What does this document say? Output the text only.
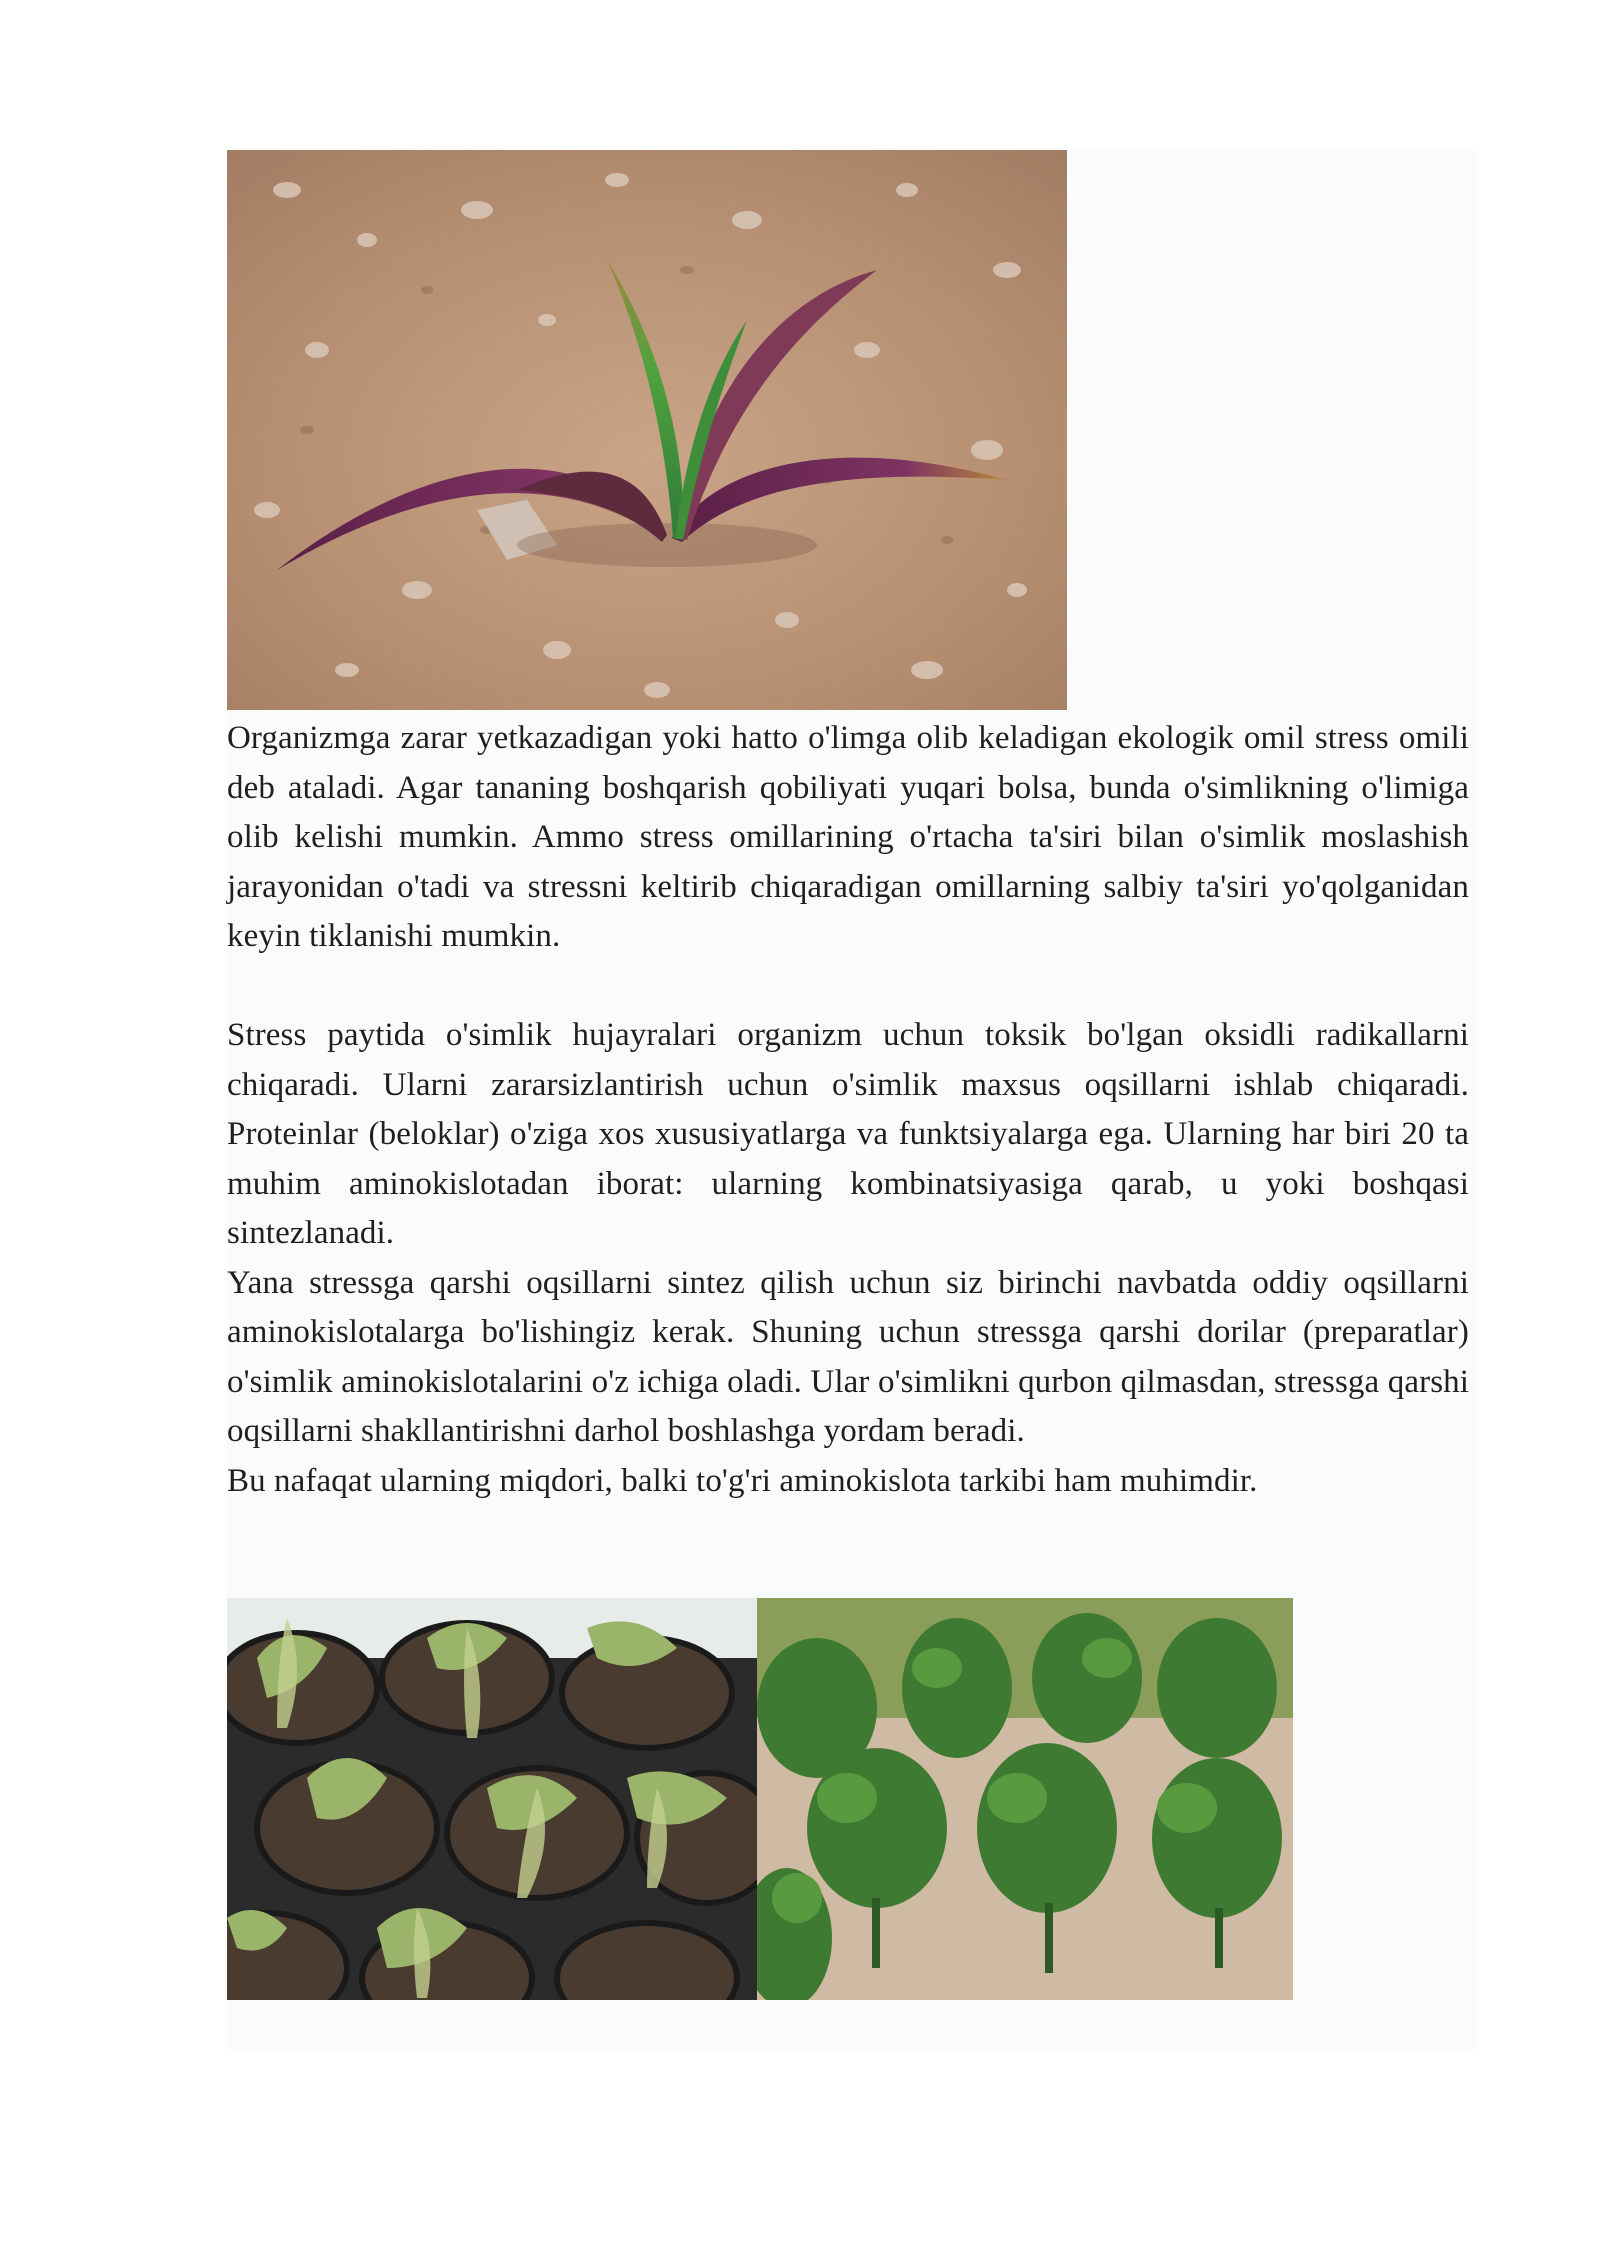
Organizmga zarar yetkazadigan yoki hatto o'limga olib keladigan ekologik omil stress omili deb ataladi. Agar tananing boshqarish qobiliyati yuqari bolsa, bunda o'simlikning o'limiga olib kelishi mumkin. Ammo stress omillarining o'rtacha ta'siri bilan o'simlik moslashish jarayonidan o'tadi va stressni keltirib chiqaradigan omillarning salbiy ta'siri yo'qolganidan keyin tiklanishi mumkin.

Stress paytida o'simlik hujayralari organizm uchun toksik bo'lgan oksidli radikallarni chiqaradi. Ularni zararsizlantirish uchun o'simlik maxsus oqsillarni ishlab chiqaradi. Proteinlar (beloklar) o'ziga xos xususiyatlarga va funktsiyalarga ega. Ularning har biri 20 ta muhim aminokislotadan iborat: ularning kombinatsiyasiga qarab, u yoki boshqasi sintezlanadi.

Yana stressga qarshi oqsillarni sintez qilish uchun siz birinchi navbatda oddiy oqsillarni aminokislotalarga bo'lishingiz kerak. Shuning uchun stressga qarshi dorilar (preparatlar) o'simlik aminokislotalarini o'z ichiga oladi. Ular o'simlikni qurbon qilmasdan, stressga qarshi oqsillarni shakllantirishni darhol boshlashga yordam beradi.

Bu nafaqat ularning miqdori, balki to'g'ri aminokislota tarkibi ham muhimdir.
